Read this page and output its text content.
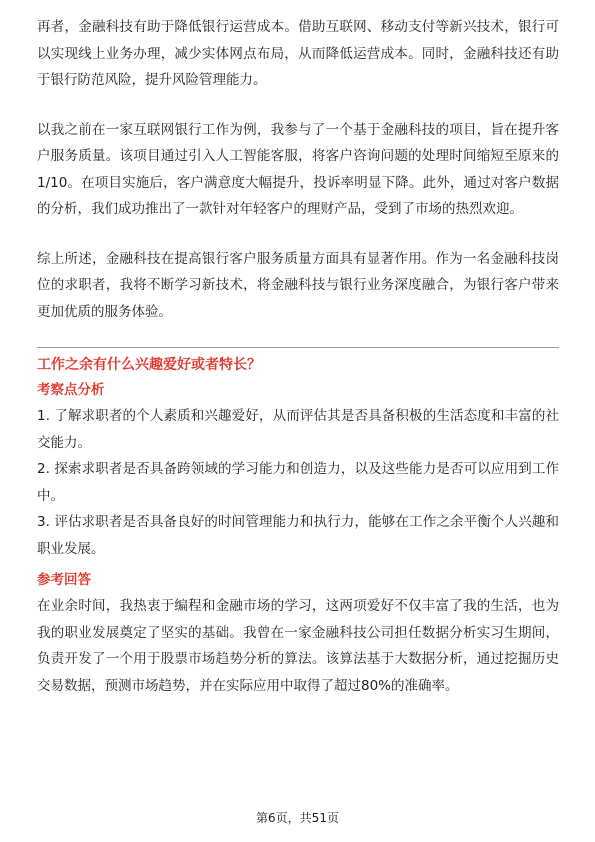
再者，金融科技有助于降低银行运营成本。借助互联网、移动支付等新兴技术，银行可以实现线上业务办理，减少实体网点布局，从而降低运营成本。同时，金融科技还有助于银行防范风险，提升风险管理能力。

以我之前在一家互联网银行工作为例，我参与了一个基于金融科技的项目，旨在提升客户服务质量。该项目通过引入人工智能客服，将客户咨询问题的处理时间缩短至原来的1/10。在项目实施后，客户满意度大幅提升，投诉率明显下降。此外，通过对客户数据的分析，我们成功推出了一款针对年轻客户的理财产品，受到了市场的热烈欢迎。

综上所述，金融科技在提高银行客户服务质量方面具有显著作用。作为一名金融科技岗位的求职者，我将不断学习新技术，将金融科技与银行业务深度融合，为银行客户带来更加优质的服务体验。

工作之余有什么兴趣爱好或者特长？

考察点分析

1. 了解求职者的个人素质和兴趣爱好，从而评估其是否具备积极的生活态度和丰富的社交能力。
2. 探索求职者是否具备跨领域的学习能力和创造力，以及这些能力是否可以应用到工作中。
3. 评估求职者是否具备良好的时间管理能力和执行力，能够在工作之余平衡个人兴趣和职业发展。

参考回答

在业余时间，我热衷于编程和金融市场的学习，这两项爱好不仅丰富了我的生活，也为我的职业发展奠定了坚实的基础。我曾在一家金融科技公司担任数据分析实习生期间，负责开发了一个用于股票市场趋势分析的算法。该算法基于大数据分析，通过挖掘历史交易数据，预测市场趋势，并在实际应用中取得了超过80%的准确率。

第6页，共51页
